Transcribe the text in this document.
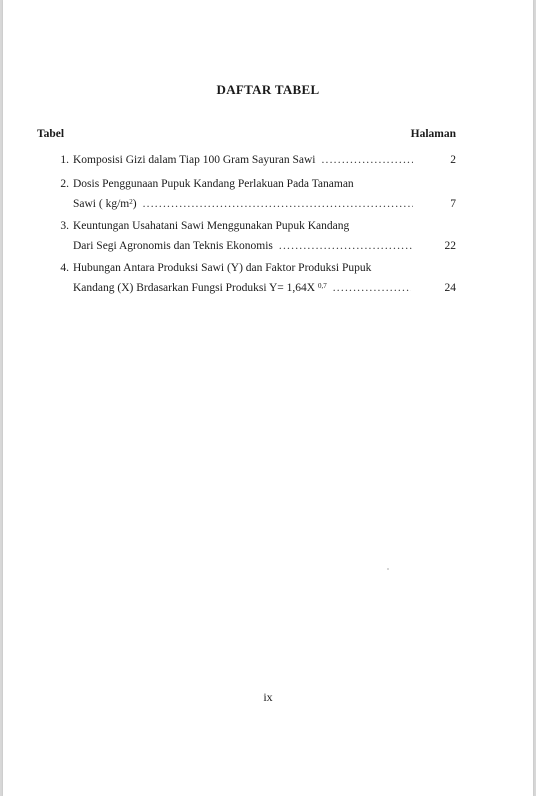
DAFTAR TABEL
Tabel	Halaman
1. Komposisi Gizi dalam Tiap 100 Gram Sayuran Sawi .....	2
2. Dosis Penggunaan Pupuk Kandang Perlakuan Pada Tanaman
Sawi ( $kg/m^2$) .....	7
3. Keuntungan Usahatani Sawi Menggunakan Pupuk Kandang
Dari Segi Agronomis dan Teknis Ekonomis .....	22
4. Hubungan Antara Produksi Sawi (Y) dan Faktor Produksi Pupuk
Kandang (X) Brdasarkan Fungsi Produksi Y= 1,64X $^{0,7}$ .....	24
ix
